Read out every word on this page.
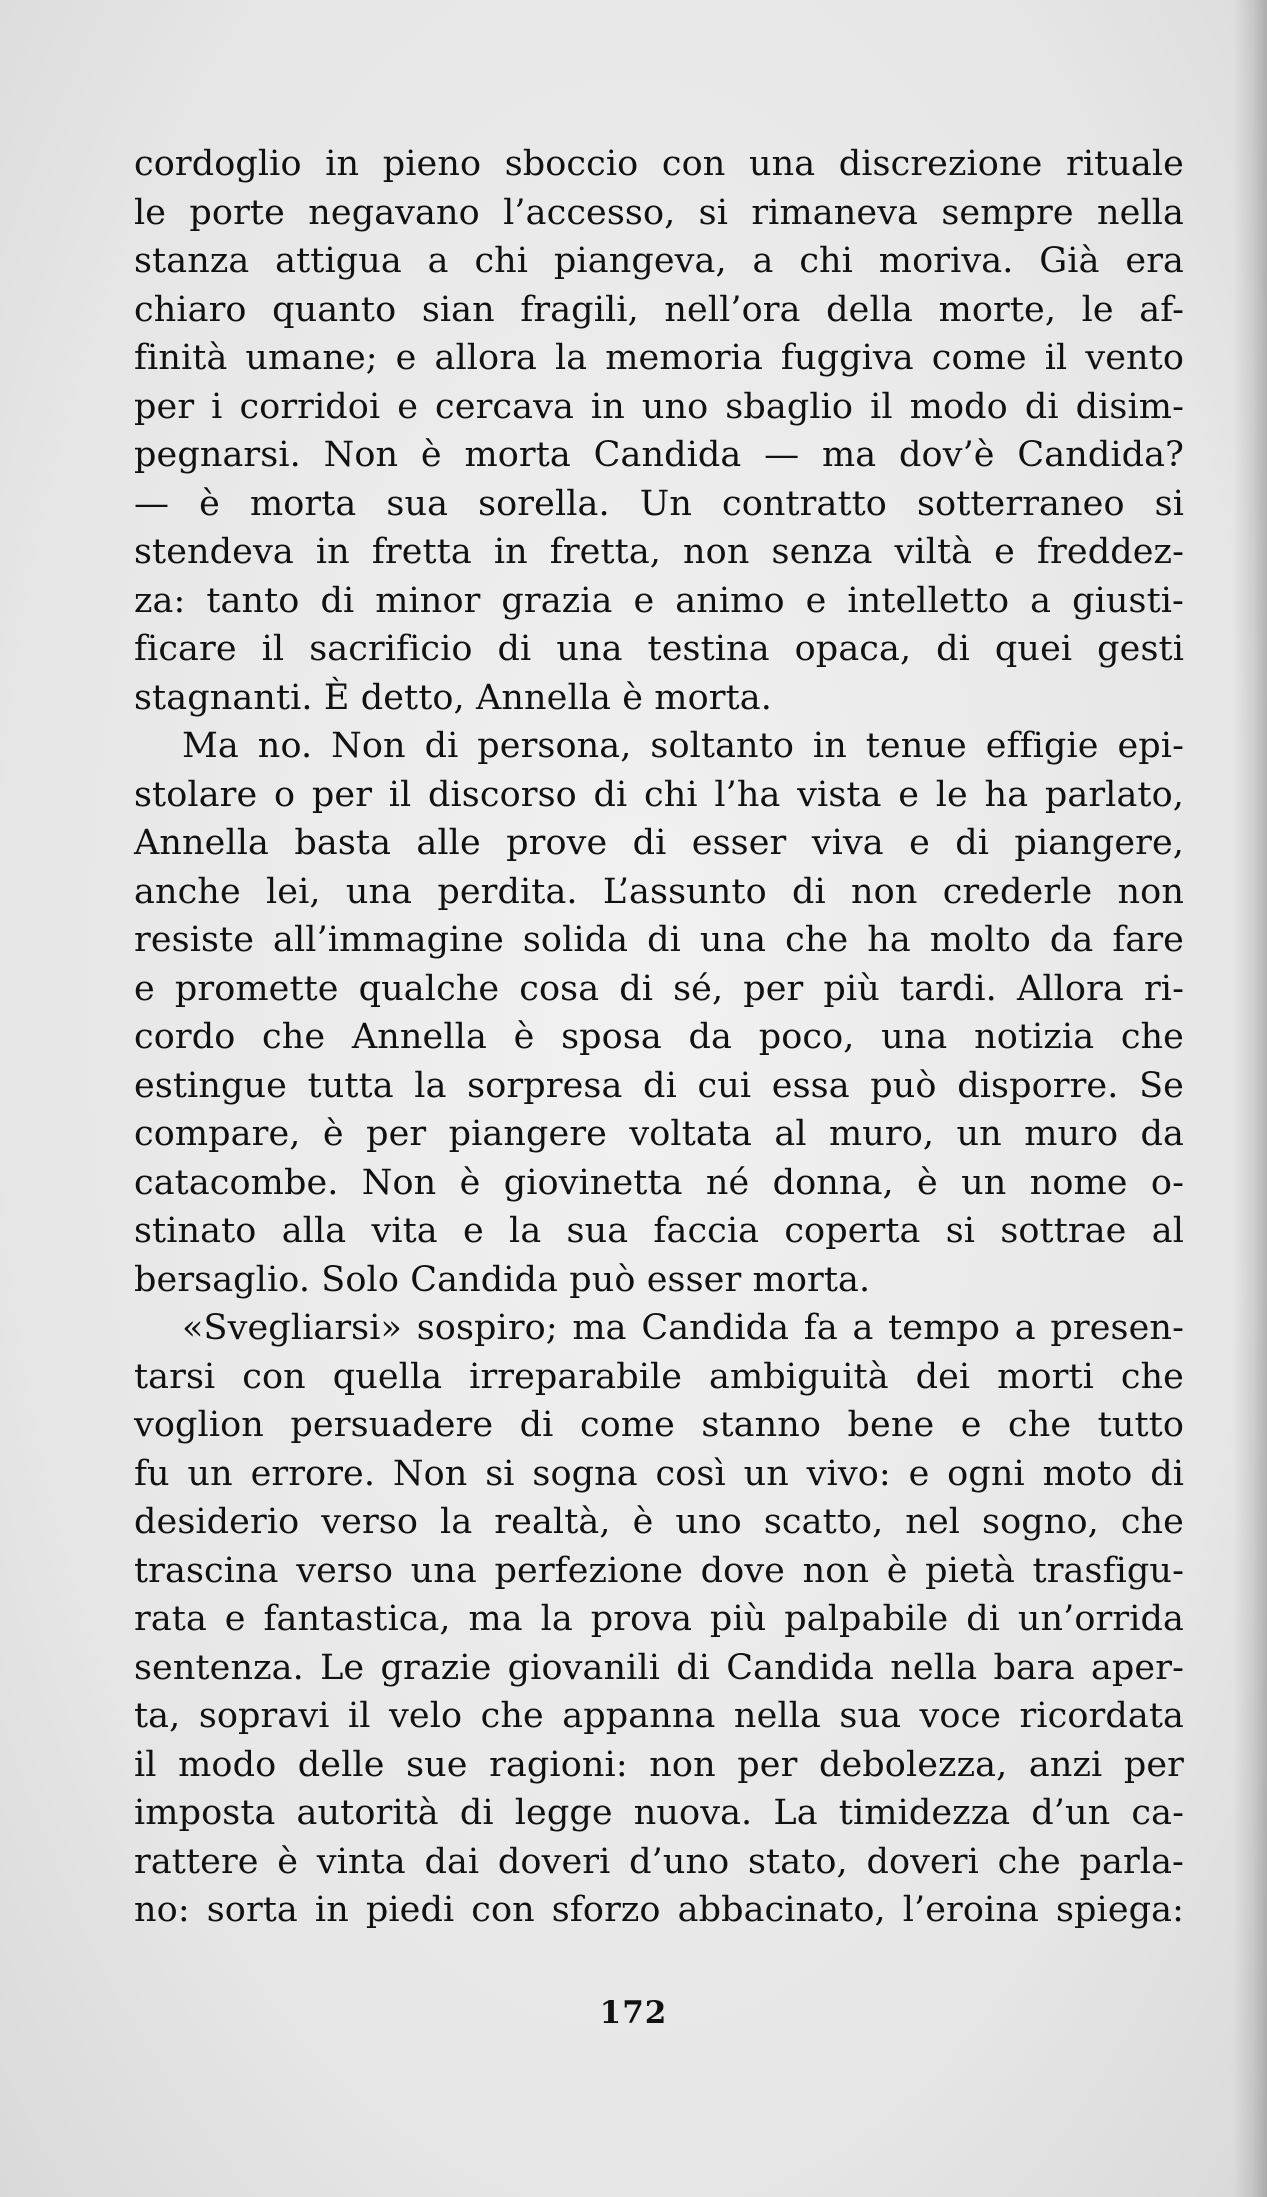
cordoglio in pieno sboccio con una discrezione rituale
le porte negavano l’accesso, si rimaneva sempre nella
stanza attigua a chi piangeva, a chi moriva. Già era
chiaro quanto sian fragili, nell’ora della morte, le af-
finità umane; e allora la memoria fuggiva come il vento
per i corridoi e cercava in uno sbaglio il modo di disim-
pegnarsi. Non è morta Candida — ma dov’è Candida?
— è morta sua sorella. Un contratto sotterraneo si
stendeva in fretta in fretta, non senza viltà e freddez-
za: tanto di minor grazia e animo e intelletto a giusti-
ficare il sacrificio di una testina opaca, di quei gesti
stagnanti. È detto, Annella è morta.
Ma no. Non di persona, soltanto in tenue effigie epi-
stolare o per il discorso di chi l’ha vista e le ha parlato,
Annella basta alle prove di esser viva e di piangere,
anche lei, una perdita. L’assunto di non crederle non
resiste all’immagine solida di una che ha molto da fare
e promette qualche cosa di sé, per più tardi. Allora ri-
cordo che Annella è sposa da poco, una notizia che
estingue tutta la sorpresa di cui essa può disporre. Se
compare, è per piangere voltata al muro, un muro da
catacombe. Non è giovinetta né donna, è un nome o-
stinato alla vita e la sua faccia coperta si sottrae al
bersaglio. Solo Candida può esser morta.
«Svegliarsi» sospiro; ma Candida fa a tempo a presen-
tarsi con quella irreparabile ambiguità dei morti che
voglion persuadere di come stanno bene e che tutto
fu un errore. Non si sogna così un vivo: e ogni moto di
desiderio verso la realtà, è uno scatto, nel sogno, che
trascina verso una perfezione dove non è pietà trasfigu-
rata e fantastica, ma la prova più palpabile di un’orrida
sentenza. Le grazie giovanili di Candida nella bara aper-
ta, sopravi il velo che appanna nella sua voce ricordata
il modo delle sue ragioni: non per debolezza, anzi per
imposta autorità di legge nuova. La timidezza d’un ca-
rattere è vinta dai doveri d’uno stato, doveri che parla-
no: sorta in piedi con sforzo abbacinato, l’eroina spiega:
172
